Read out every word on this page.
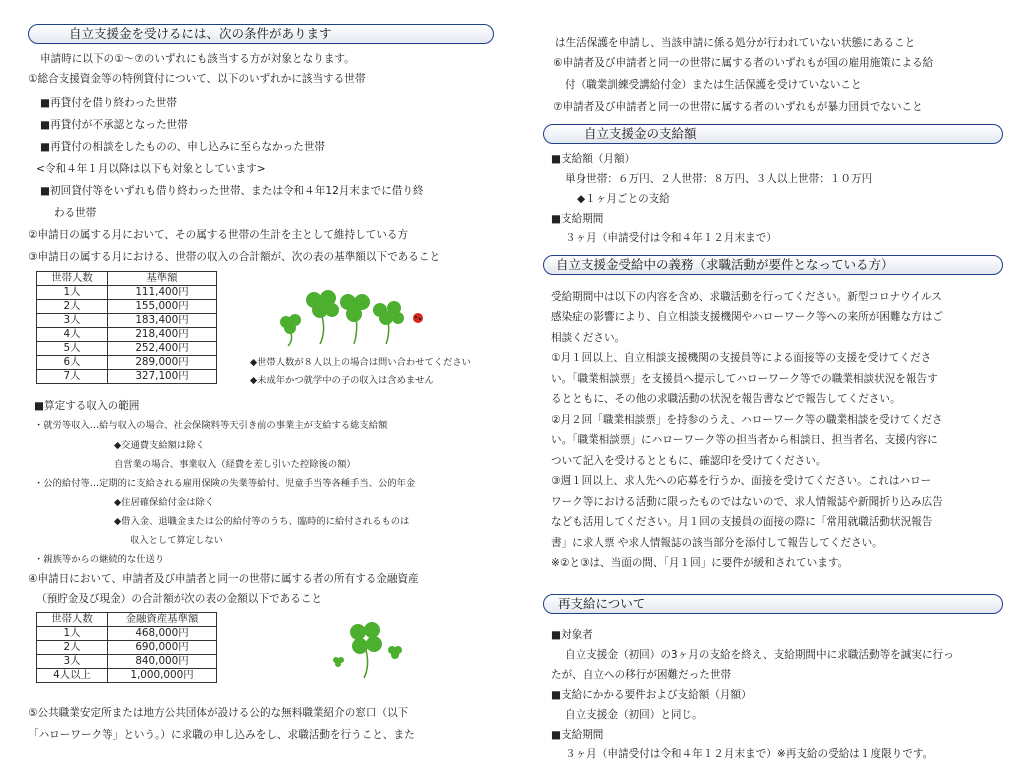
自立支援金を受けるには、次の条件があります
申請時に以下の①～⑦のいずれにも該当する方が対象となります。
①総合支援資金等の特例貸付について、以下のいずれかに該当する世帯
■再貸付を借り終わった世帯
■再貸付が不承認となった世帯
■再貸付の相談をしたものの、申し込みに至らなかった世帯
<令和４年１月以降は以下も対象としています>
■初回貸付等をいずれも借り終わった世帯、または令和４年12月末までに借り終
わる世帯
②申請日の属する月において、その属する世帯の生計を主として維持している方
③申請日の属する月における、世帯の収入の合計額が、次の表の基準額以下であること
世帯人数	基準額
1人	111,400円
2人	155,000円
3人	183,400円
4人	218,400円
5人	252,400円
6人	289,000円
7人	327,100円
◆世帯人数が８人以上の場合は問い合わせてください
◆未成年かつ就学中の子の収入は含めません
■算定する収入の範囲
・就労等収入…給与収入の場合、社会保険料等天引き前の事業主が支給する総支給額
◆交通費支給額は除く
自営業の場合、事業収入（経費を差し引いた控除後の額）
・公的給付等…定期的に支給される雇用保険の失業等給付、児童手当等各種手当、公的年金
◆住居確保給付金は除く
◆借入金、退職金または公的給付等のうち、臨時的に給付されるものは
収入として算定しない
・親族等からの継続的な仕送り
④申請日において、申請者及び申請者と同一の世帯に属する者の所有する金融資産
（預貯金及び現金）の合計額が次の表の金額以下であること
世帯人数	金融資産基準額
1人	468,000円
2人	690,000円
3人	840,000円
4人以上	1,000,000円
⑤公共職業安定所または地方公共団体が設ける公的な無料職業紹介の窓口（以下
「ハローワーク等」という。）に求職の申し込みをし、求職活動を行うこと、また
は生活保護を申請し、当該申請に係る処分が行われていない状態にあること
⑥申請者及び申請者と同一の世帯に属する者のいずれもが国の雇用施策による給
付（職業訓練受講給付金）または生活保護を受けていないこと
⑦申請者及び申請者と同一の世帯に属する者のいずれもが暴力団員でないこと
自立支援金の支給額
■支給額（月額）
単身世帯：６万円、２人世帯：８万円、３人以上世帯：１０万円
◆１ヶ月ごとの支給
■支給期間
３ヶ月（申請受付は令和４年１２月末まで）
自立支援金受給中の義務（求職活動が要件となっている方）
受給期間中は以下の内容を含め、求職活動を行ってください。新型コロナウイルス
感染症の影響により、自立相談支援機関やハローワーク等への来所が困難な方はご
相談ください。
①月１回以上、自立相談支援機関の支援員等による面接等の支援を受けてくださ
い。「職業相談票」を支援員へ提示してハローワーク等での職業相談状況を報告す
るとともに、その他の求職活動の状況を報告書などで報告してください。
②月２回「職業相談票」を持参のうえ、ハローワーク等の職業相談を受けてくださ
い。「職業相談票」にハローワーク等の担当者から相談日、担当者名、支援内容に
ついて記入を受けるとともに、確認印を受けてください。
③週１回以上、求人先への応募を行うか、面接を受けてください。これはハロー
ワーク等における活動に限ったものではないので、求人情報誌や新聞折り込み広告
なども活用してください。月１回の支援員の面接の際に「常用就職活動状況報告
書」に求人票 や求人情報誌の該当部分を添付して報告してください。
※②と③は、当面の間、「月１回」に要件が緩和されています。
再支給について
■対象者
自立支援金（初回）の3ヶ月の支給を終え、支給期間中に求職活動等を誠実に行っ
たが、自立への移行が困難だった世帯
■支給にかかる要件および支給額（月額）
自立支援金（初回）と同じ。
■支給期間
３ヶ月（申請受付は令和４年１２月末まで）※再支給の受給は１度限りです。
